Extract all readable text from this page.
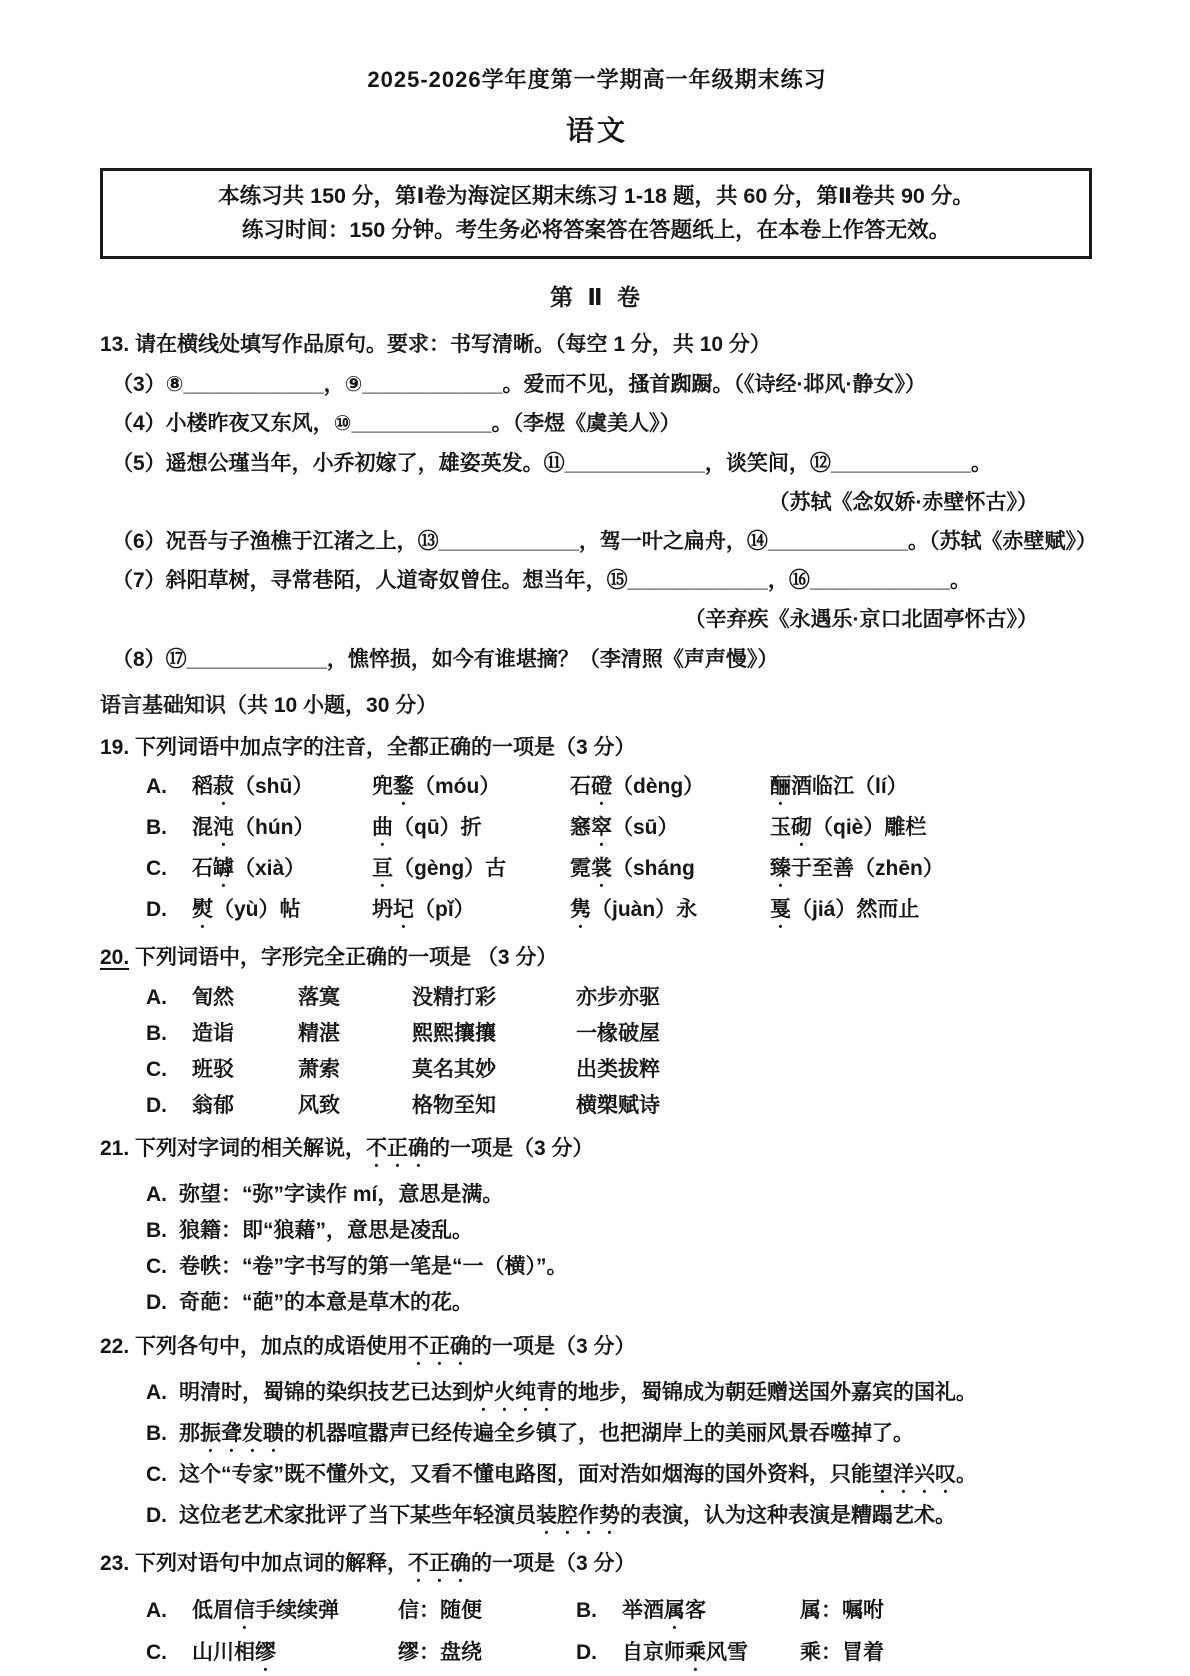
2025-2026学年度第一学期高一年级期末练习
语文
本练习共 150 分，第Ⅰ卷为海淀区期末练习 1-18 题，共 60 分，第Ⅱ卷共 90 分。
练习时间：150 分钟。考生务必将答案答在答题纸上，在本卷上作答无效。
第 Ⅱ 卷
13. 请在横线处填写作品原句。要求：书写清晰。（每空 1 分，共 10 分）
（3）⑧____________，⑨____________。爱而不见，搔首踟蹰。（《诗经·邶风·静女》）
（4）小楼昨夜又东风，⑩____________。（李煜《虞美人》）
（5）遥想公瑾当年，小乔初嫁了，雄姿英发。⑪____________，谈笑间，⑫____________。
（苏轼《念奴娇·赤壁怀古》）
（6）况吾与子渔樵于江渚之上，⑬____________，驾一叶之扁舟，⑭____________。（苏轼《赤壁赋》）
（7）斜阳草树，寻常巷陌，人道寄奴曾住。想当年，⑮____________，⑯____________。
（辛弃疾《永遇乐·京口北固亭怀古》）
（8）⑰____________，憔悴损，如今有谁堪摘？（李清照《声声慢》）
语言基础知识（共 10 小题，30 分）
19. 下列词语中加点字的注音，全都正确的一项是（3 分）
A.	稻菽（shū）	兜鍪（móu）	石磴（dèng）	酾酒临江（lí）
B.	混沌（hún）	曲（qū）折	窸窣（sū）	玉砌（qiè）雕栏
C.	石罅（xià）	亘（gèng）古	霓裳（sháng	臻于至善（zhēn）
D.	熨（yù）帖	坍圮（pǐ）	隽（juàn）永	戛（jiá）然而止
20. 下列词语中，字形完全正确的一项是 （3 分）
A.	訇然	落寞	没精打彩	亦步亦驱
B.	造诣	精湛	熙熙攘攘	一椽破屋
C.	班驳	萧索	莫名其妙	出类拔粹
D.	翁郁	风致	格物至知	横槊赋诗
21. 下列对字词的相关解说，不正确的一项是（3 分）
A. 弥望：“弥”字读作 mí，意思是满。
B. 狼籍：即“狼藉”，意思是凌乱。
C. 卷帙：“卷”字书写的第一笔是“一（横）”。
D. 奇葩：“葩”的本意是草木的花。
22. 下列各句中，加点的成语使用不正确的一项是（3 分）
A. 明清时，蜀锦的染织技艺已达到炉火纯青的地步，蜀锦成为朝廷赠送国外嘉宾的国礼。
B. 那振聋发聩的机器喧嚣声已经传遍全乡镇了，也把湖岸上的美丽风景吞噬掉了。
C. 这个“专家”既不懂外文，又看不懂电路图，面对浩如烟海的国外资料，只能望洋兴叹。
D. 这位老艺术家批评了当下某些年轻演员装腔作势的表演，认为这种表演是糟蹋艺术。
23. 下列对语句中加点词的解释，不正确的一项是（3 分）
A.	低眉信手续续弹	信：随便	B.	举酒属客	属：嘱咐
C.	山川相缪	缪：盘绕	D.	自京师乘风雪	乘：冒着
